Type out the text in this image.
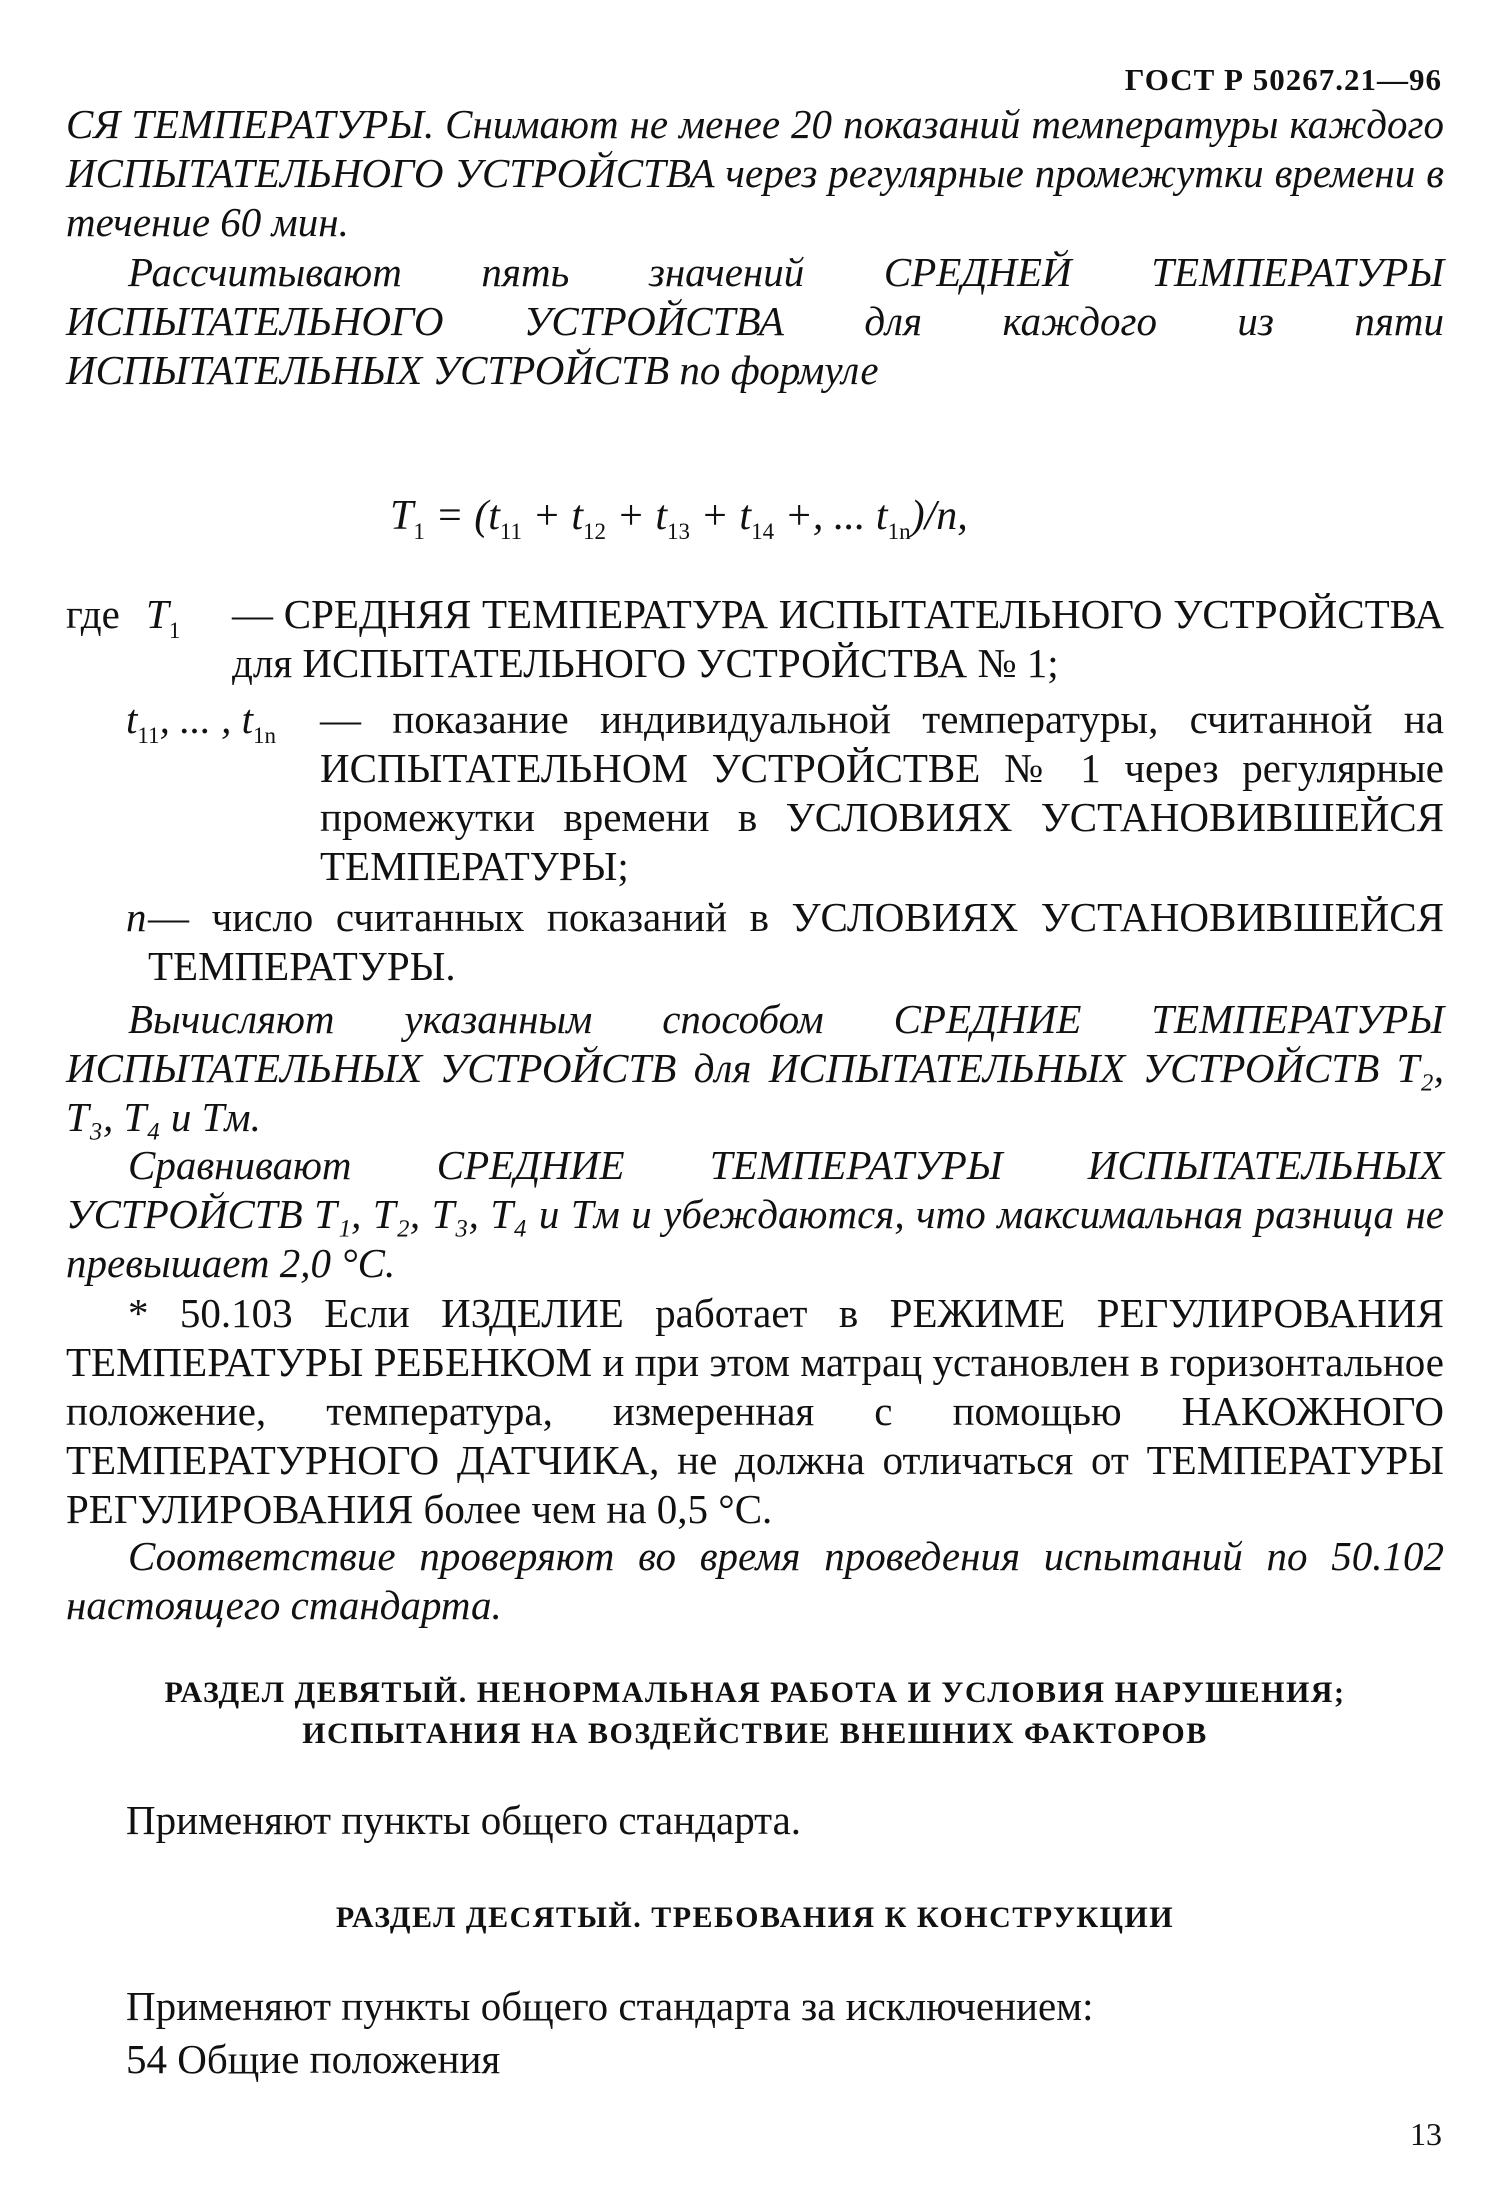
ГОСТ Р 50267.21—96

СЯ ТЕМПЕРАТУРЫ. Снимают не менее 20 показаний температуры каждого ИСПЫТАТЕЛЬНОГО УСТРОЙСТВА через регулярные промежутки времени в течение 60 мин.

Рассчитывают пять значений СРЕДНЕЙ ТЕМПЕРАТУРЫ ИСПЫТАТЕЛЬНОГО УСТРОЙСТВА для каждого из пяти ИСПЫТАТЕЛЬНЫХ УСТРОЙСТВ по формуле

$T_1 = (t_{11} + t_{12} + t_{13} + t_{14}$ +, ... $t_{1n})/n$,
где $T_1$ — СРЕДНЯЯ ТЕМПЕРАТУРА ИСПЫТАТЕЛЬНОГО УСТРОЙСТВА для ИСПЫТАТЕЛЬНОГО УСТРОЙСТВА № 1;
$t_{11}$, ... , $t_{1n}$ — показание индивидуальной температуры, считанной на ИСПЫТАТЕЛЬНОМ УСТРОЙСТВЕ № 1 через регулярные промежутки времени в УСЛОВИЯХ УСТАНОВИВШЕЙСЯ ТЕМПЕРАТУРЫ;
n — число считанных показаний в УСЛОВИЯХ УСТАНОВИВШЕЙСЯ ТЕМПЕРАТУРЫ.

Вычисляют указанным способом СРЕДНИЕ ТЕМПЕРАТУРЫ ИСПЫТАТЕЛЬНЫХ УСТРОЙСТВ для ИСПЫТАТЕЛЬНЫХ УСТРОЙСТВ T₂, T₃, T₄ и Tм.

Сравнивают СРЕДНИЕ ТЕМПЕРАТУРЫ ИСПЫТАТЕЛЬНЫХ УСТРОЙСТВ T₁, T₂, T₃, T₄ и Tм и убеждаются, что максимальная разница не превышает 2,0 °С.

* 50.103 Если ИЗДЕЛИЕ работает в РЕЖИМЕ РЕГУЛИРОВАНИЯ ТЕМПЕРАТУРЫ РЕБЕНКОМ и при этом матрац установлен в горизонтальное положение, температура, измеренная с помощью НАКОЖНОГО ТЕМПЕРАТУРНОГО ДАТЧИКА, не должна отличаться от ТЕМПЕРАТУРЫ РЕГУЛИРОВАНИЯ более чем на 0,5 °С.

Соответствие проверяют во время проведения испытаний по 50.102 настоящего стандарта.

РАЗДЕЛ ДЕВЯТЫЙ. НЕНОРМАЛЬНАЯ РАБОТА И УСЛОВИЯ НАРУШЕНИЯ;
ИСПЫТАНИЯ НА ВОЗДЕЙСТВИЕ ВНЕШНИХ ФАКТОРОВ
Применяют пункты общего стандарта.
РАЗДЕЛ ДЕСЯТЫЙ. ТРЕБОВАНИЯ К КОНСТРУКЦИИ
Применяют пункты общего стандарта за исключением:
54 Общие положения
13
